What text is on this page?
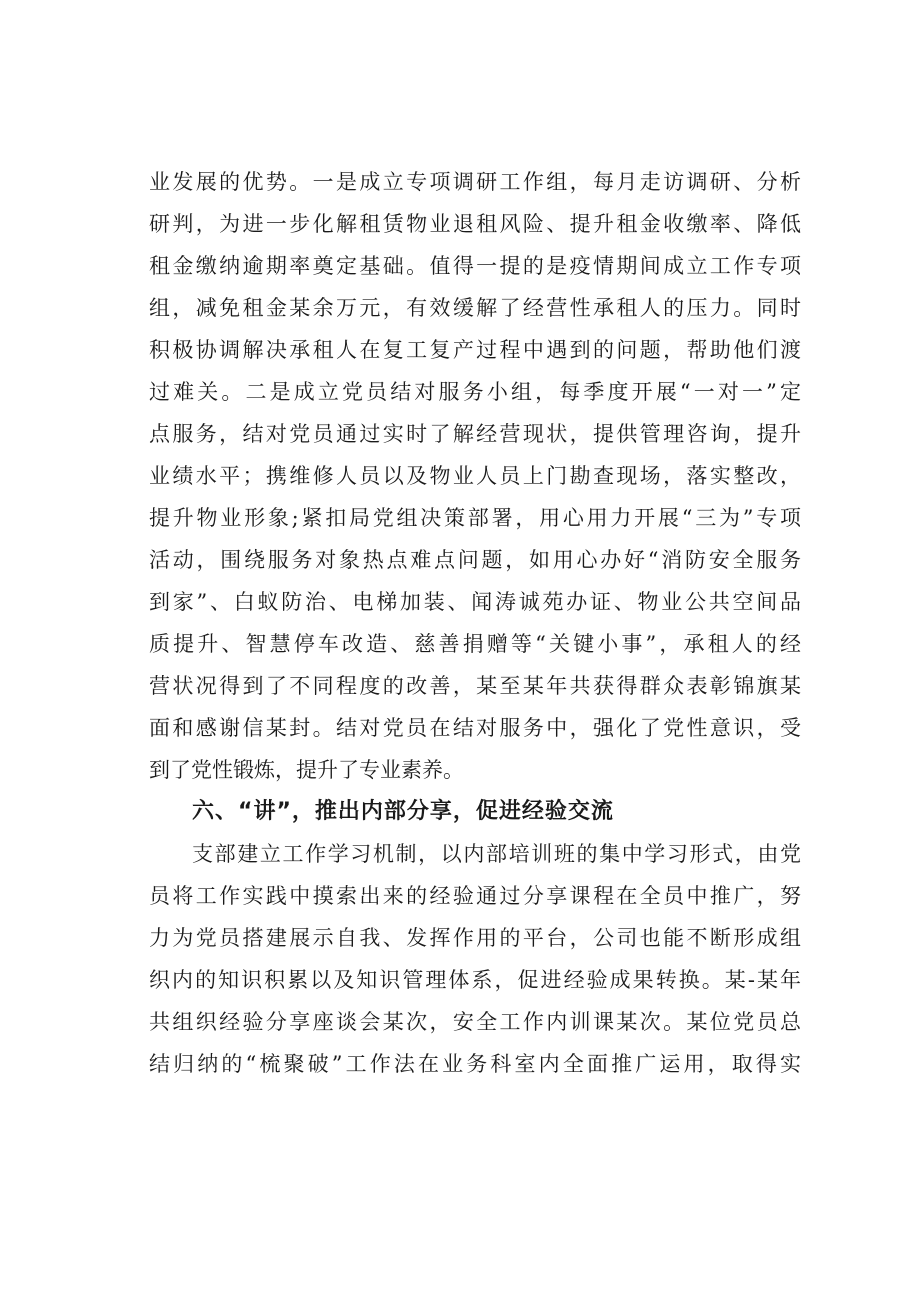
业发展的优势。一是成立专项调研工作组，每月走访调研、分析
研判，为进一步化解租赁物业退租风险、提升租金收缴率、降低
租金缴纳逾期率奠定基础。值得一提的是疫情期间成立工作专项
组，减免租金某余万元，有效缓解了经营性承租人的压力。同时
积极协调解决承租人在复工复产过程中遇到的问题，帮助他们渡
过难关。二是成立党员结对服务小组，每季度开展“一对一”定
点服务，结对党员通过实时了解经营现状，提供管理咨询，提升
业绩水平；携维修人员以及物业人员上门勘查现场，落实整改，
提升物业形象;紧扣局党组决策部署，用心用力开展“三为”专项
活动，围绕服务对象热点难点问题，如用心办好“消防安全服务
到家”、白蚁防治、电梯加装、闻涛诚苑办证、物业公共空间品
质提升、智慧停车改造、慈善捐赠等“关键小事”，承租人的经
营状况得到了不同程度的改善，某至某年共获得群众表彰锦旗某
面和感谢信某封。结对党员在结对服务中，强化了党性意识，受
到了党性锻炼，提升了专业素养。
六、“讲”，推出内部分享，促进经验交流
支部建立工作学习机制，以内部培训班的集中学习形式，由党
员将工作实践中摸索出来的经验通过分享课程在全员中推广，努
力为党员搭建展示自我、发挥作用的平台，公司也能不断形成组
织内的知识积累以及知识管理体系，促进经验成果转换。某-某年
共组织经验分享座谈会某次，安全工作内训课某次。某位党员总
结归纳的“梳聚破”工作法在业务科室内全面推广运用，取得实
